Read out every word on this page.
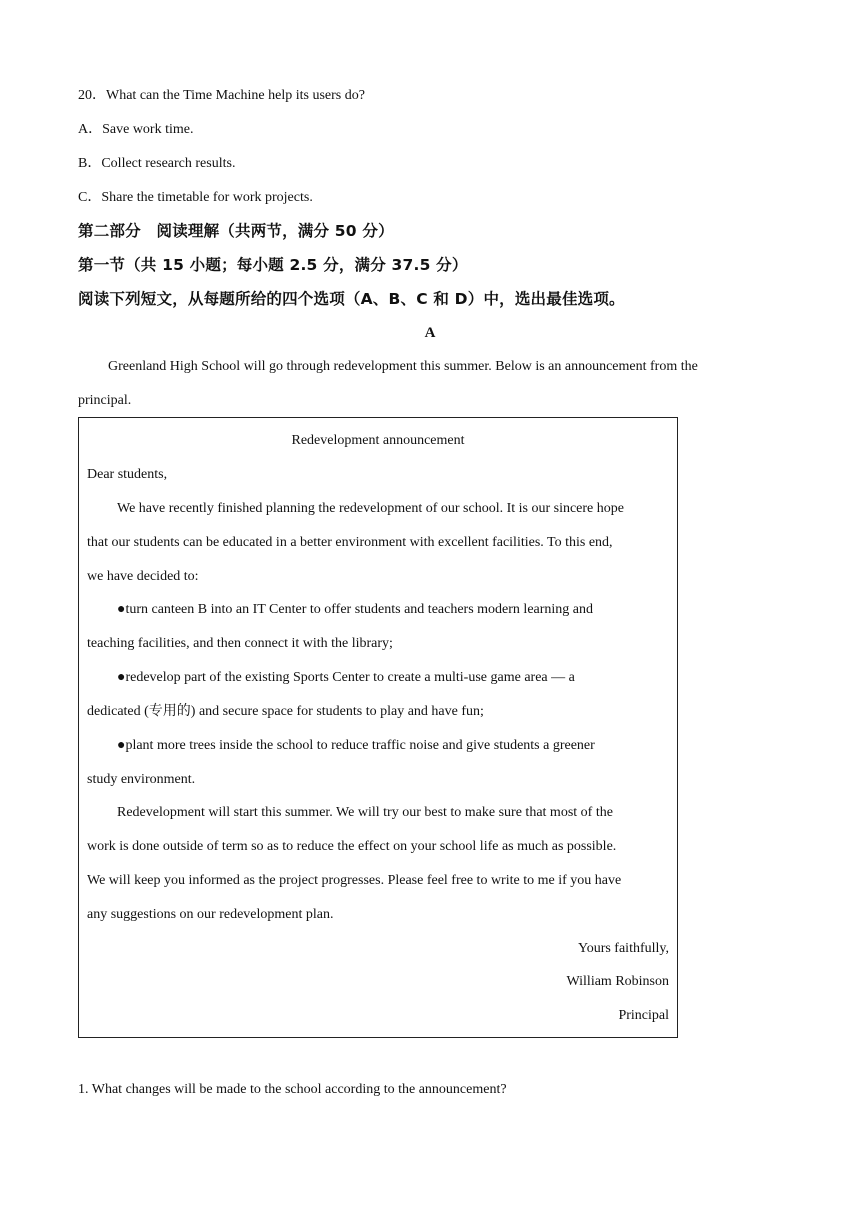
20．What can the Time Machine help its users do?
A．Save work time.
B．Collect research results.
C．Share the timetable for work projects.
第二部分　阅读理解（共两节，满分 50 分）
第一节（共 15 小题；每小题 2.5 分，满分 37.5 分）
阅读下列短文，从每题所给的四个选项（A、B、C 和 D）中，选出最佳选项。
A
Greenland High School will go through redevelopment this summer. Below is an announcement from the
principal.
Redevelopment announcement
Dear students,
We have recently finished planning the redevelopment of our school. It is our sincere hope
that our students can be educated in a better environment with excellent facilities. To this end,
we have decided to:
●turn canteen B into an IT Center to offer students and teachers modern learning and
teaching facilities, and then connect it with the library;
●redevelop part of the existing Sports Center to create a multi-use game area — a
dedicated (专用的) and secure space for students to play and have fun;
●plant more trees inside the school to reduce traffic noise and give students a greener
study environment.
Redevelopment will start this summer. We will try our best to make sure that most of the
work is done outside of term so as to reduce the effect on your school life as much as possible.
We will keep you informed as the project progresses. Please feel free to write to me if you have
any suggestions on our redevelopment plan.
Yours faithfully,
William Robinson
Principal
1. What changes will be made to the school according to the announcement?
